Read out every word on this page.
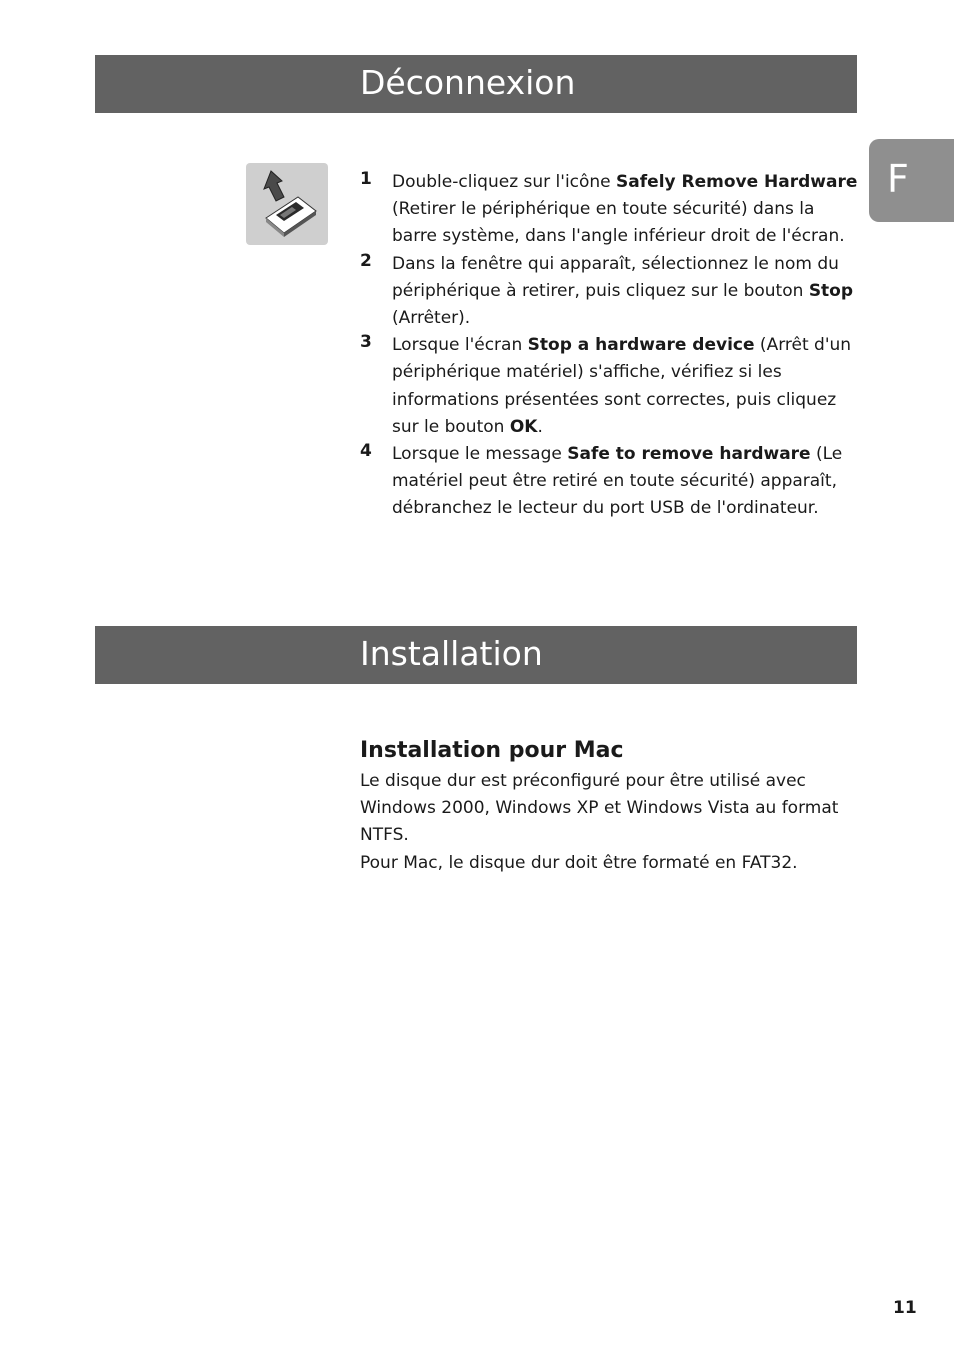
Déconnexion
F
1 Double-cliquez sur l'icône Safely Remove Hardware (Retirer le périphérique en toute sécurité) dans la barre système, dans l'angle inférieur droit de l'écran.
2 Dans la fenêtre qui apparaît, sélectionnez le nom du périphérique à retirer, puis cliquez sur le bouton Stop (Arrêter).
3 Lorsque l'écran Stop a hardware device (Arrêt d'un périphérique matériel) s'affiche, vérifiez si les informations présentées sont correctes, puis cliquez sur le bouton OK.
4 Lorsque le message Safe to remove hardware (Le matériel peut être retiré en toute sécurité) apparaît, débranchez le lecteur du port USB de l'ordinateur.
Installation
Installation pour Mac

Le disque dur est préconfiguré pour être utilisé avec Windows 2000, Windows XP et Windows Vista au format NTFS.

Pour Mac, le disque dur doit être formaté en FAT32.

11
